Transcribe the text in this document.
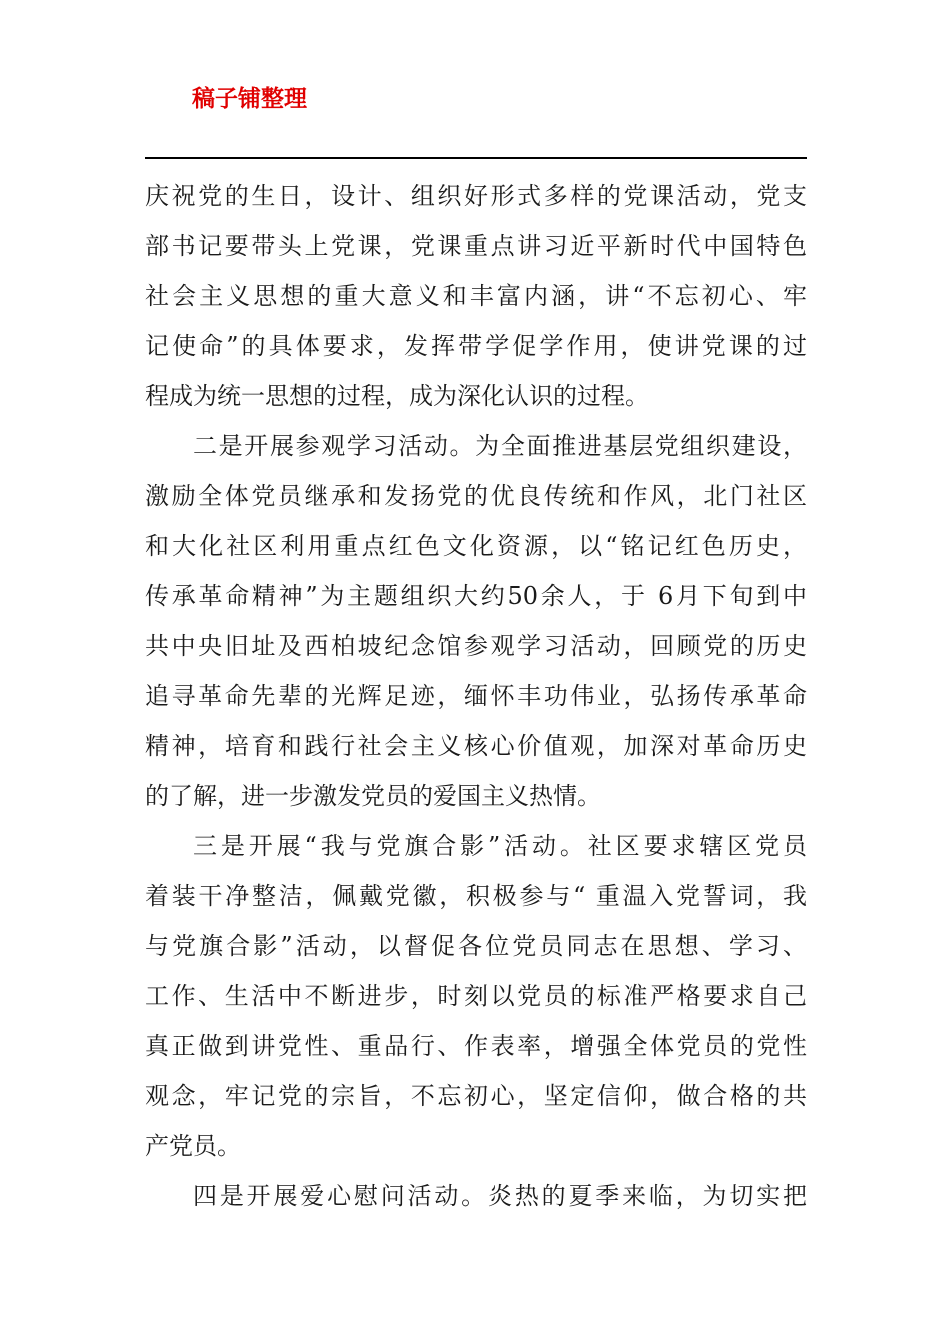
稿子铺整理
庆祝党的生日，设计、组织好形式多样的党课活动，党支
部书记要带头上党课，党课重点讲习近平新时代中国特色
社会主义思想的重大意义和丰富内涵，讲“不忘初心、牢
记使命”的具体要求，发挥带学促学作用，使讲党课的过
程成为统一思想的过程，成为深化认识的过程。
二是开展参观学习活动。为全面推进基层党组织建设，
激励全体党员继承和发扬党的优良传统和作风，北门社区
和大化社区利用重点红色文化资源，以“铭记红色历史，
传承革命精神”为主题组织大约50余人，于 6月下旬到中
共中央旧址及西柏坡纪念馆参观学习活动，回顾党的历史
追寻革命先辈的光辉足迹，缅怀丰功伟业，弘扬传承革命
精神，培育和践行社会主义核心价值观，加深对革命历史
的了解，进一步激发党员的爱国主义热情。
三是开展“我与党旗合影”活动。社区要求辖区党员
着装干净整洁，佩戴党徽，积极参与“ 重温入党誓词，我
与党旗合影”活动，以督促各位党员同志在思想、学习、
工作、生活中不断进步，时刻以党员的标准严格要求自己
真正做到讲党性、重品行、作表率，增强全体党员的党性
观念，牢记党的宗旨，不忘初心，坚定信仰，做合格的共
产党员。
四是开展爱心慰问活动。炎热的夏季来临，为切实把
